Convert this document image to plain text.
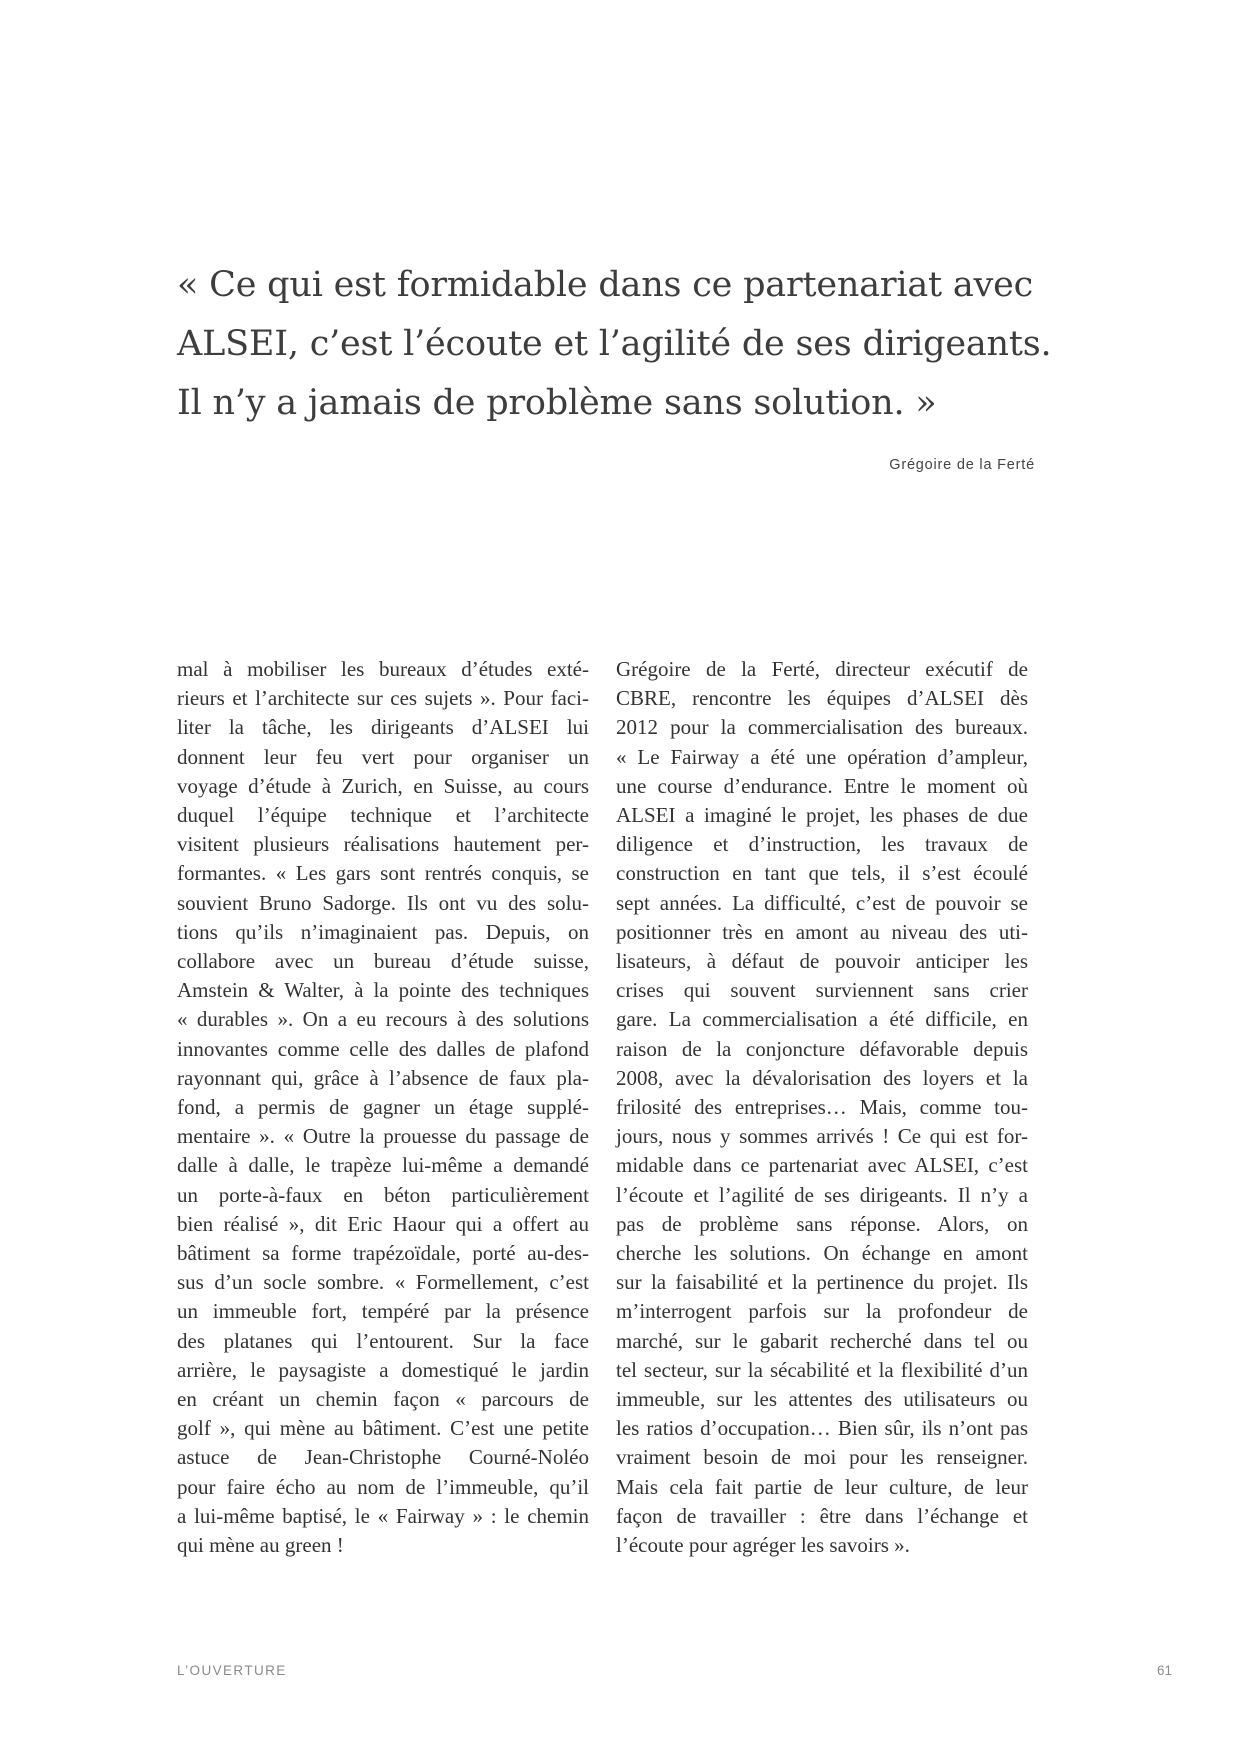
« Ce qui est formidable dans ce partenariat avec
ALSEI, c’est l’écoute et l’agilité de ses dirigeants.
Il n’y a jamais de problème sans solution. »

Grégoire de la Ferté

mal à mobiliser les bureaux d’études exté-
rieurs et l’architecte sur ces sujets ». Pour faci-
liter la tâche, les dirigeants d’ALSEI lui
donnent leur feu vert pour organiser un
voyage d’étude à Zurich, en Suisse, au cours
duquel l’équipe technique et l’architecte
visitent plusieurs réalisations hautement per-
formantes. « Les gars sont rentrés conquis, se
souvient Bruno Sadorge. Ils ont vu des solu-
tions qu’ils n’imaginaient pas. Depuis, on
collabore avec un bureau d’étude suisse,
Amstein & Walter, à la pointe des techniques
« durables ». On a eu recours à des solutions
innovantes comme celle des dalles de plafond
rayonnant qui, grâce à l’absence de faux pla-
fond, a permis de gagner un étage supplé-
mentaire ». « Outre la prouesse du passage de
dalle à dalle, le trapèze lui-même a demandé
un porte-à-faux en béton particulièrement
bien réalisé », dit Eric Haour qui a offert au
bâtiment sa forme trapézoïdale, porté au-des-
sus d’un socle sombre. « Formellement, c’est
un immeuble fort, tempéré par la présence
des platanes qui l’entourent. Sur la face
arrière, le paysagiste a domestiqué le jardin
en créant un chemin façon « parcours de
golf », qui mène au bâtiment. C’est une petite
astuce de Jean-Christophe Courné-Noléo
pour faire écho au nom de l’immeuble, qu’il
a lui-même baptisé, le « Fairway » : le chemin
qui mène au green !
Grégoire de la Ferté, directeur exécutif de
CBRE, rencontre les équipes d’ALSEI dès
2012 pour la commercialisation des bureaux.
« Le Fairway a été une opération d’ampleur,
une course d’endurance. Entre le moment où
ALSEI a imaginé le projet, les phases de due
diligence et d’instruction, les travaux de
construction en tant que tels, il s’est écoulé
sept années. La difficulté, c’est de pouvoir se
positionner très en amont au niveau des uti-
lisateurs, à défaut de pouvoir anticiper les
crises qui souvent surviennent sans crier
gare. La commercialisation a été difficile, en
raison de la conjoncture défavorable depuis
2008, avec la dévalorisation des loyers et la
frilosité des entreprises… Mais, comme tou-
jours, nous y sommes arrivés ! Ce qui est for-
midable dans ce partenariat avec ALSEI, c’est
l’écoute et l’agilité de ses dirigeants. Il n’y a
pas de problème sans réponse. Alors, on
cherche les solutions. On échange en amont
sur la faisabilité et la pertinence du projet. Ils
m’interrogent parfois sur la profondeur de
marché, sur le gabarit recherché dans tel ou
tel secteur, sur la sécabilité et la flexibilité d’un
immeuble, sur les attentes des utilisateurs ou
les ratios d’occupation… Bien sûr, ils n’ont pas
vraiment besoin de moi pour les renseigner.
Mais cela fait partie de leur culture, de leur
façon de travailler : être dans l’échange et
l’écoute pour agréger les savoirs ».
L’OUVERTURE	61
